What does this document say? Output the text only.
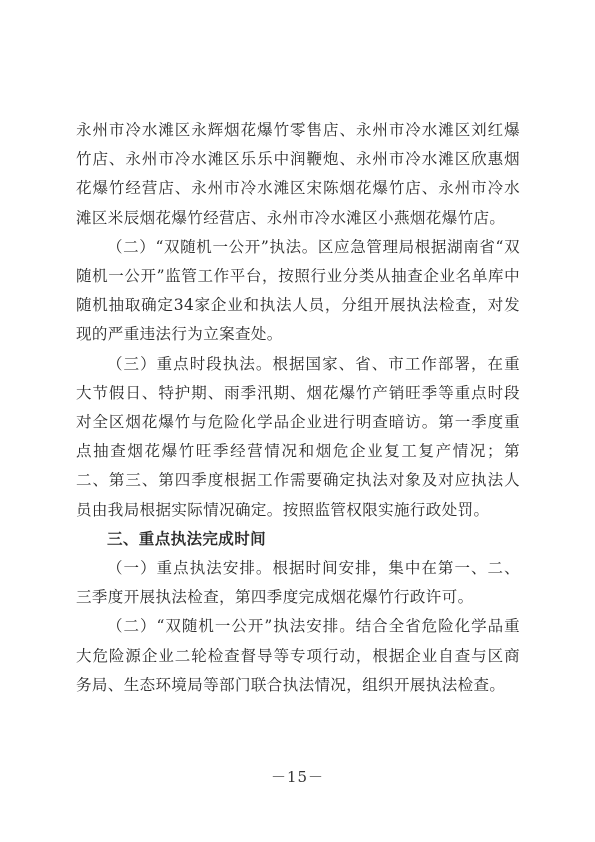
永州市冷水滩区永辉烟花爆竹零售店、永州市冷水滩区刘红爆竹店、永州市冷水滩区乐乐中润鞭炮、永州市冷水滩区欣惠烟花爆竹经营店、永州市冷水滩区宋陈烟花爆竹店、永州市冷水滩区米辰烟花爆竹经营店、永州市冷水滩区小燕烟花爆竹店。

（二）“双随机一公开”执法。区应急管理局根据湖南省“双随机一公开”监管工作平台，按照行业分类从抽查企业名单库中随机抽取确定34家企业和执法人员，分组开展执法检查，对发现的严重违法行为立案查处。

（三）重点时段执法。根据国家、省、市工作部署，在重大节假日、特护期、雨季汛期、烟花爆竹产销旺季等重点时段对全区烟花爆竹与危险化学品企业进行明查暗访。第一季度重点抽查烟花爆竹旺季经营情况和烟危企业复工复产情况；第二、第三、第四季度根据工作需要确定执法对象及对应执法人员由我局根据实际情况确定。按照监管权限实施行政处罚。

三、重点执法完成时间

（一）重点执法安排。根据时间安排，集中在第一、二、三季度开展执法检查，第四季度完成烟花爆竹行政许可。

（二）“双随机一公开”执法安排。结合全省危险化学品重大危险源企业二轮检查督导等专项行动，根据企业自查与区商务局、生态环境局等部门联合执法情况，组织开展执法检查。

－15－
